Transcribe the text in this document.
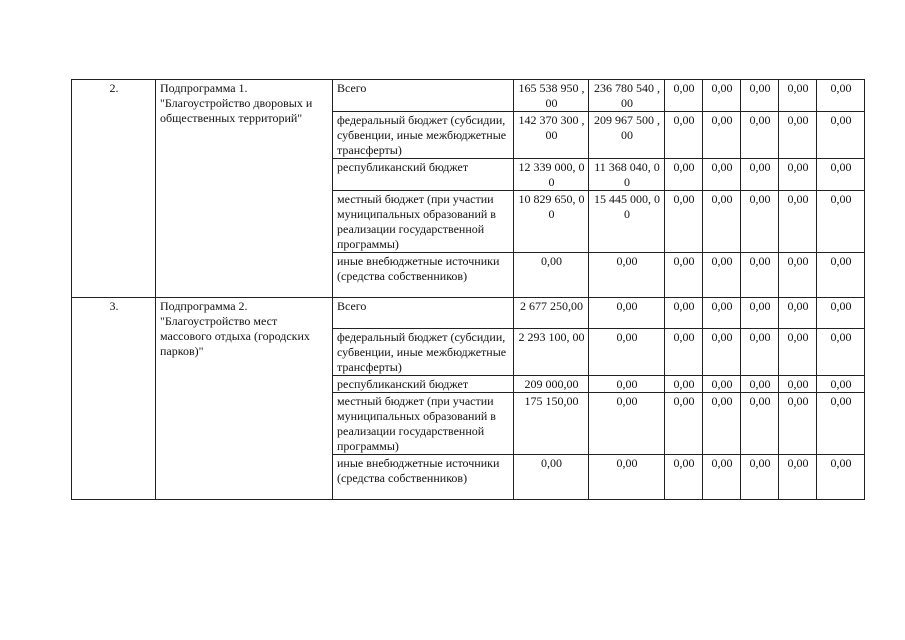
2.	Подпрограмма 1. "Благоустройство дворовых и общественных территорий"	Всего	165 538 950 ,00	236 780 540 ,00	0,00	0,00	0,00	0,00	0,00
		федеральный бюджет (субсидии, субвенции, иные межбюджетные трансферты)	142 370 300 ,00	209 967 500 ,00	0,00	0,00	0,00	0,00	0,00
		республиканский бюджет	12 339 000, 00	11 368 040, 00	0,00	0,00	0,00	0,00	0,00
		местный бюджет (при участии муниципальных образований в реализации государственной программы)	10 829 650, 00	15 445 000, 00	0,00	0,00	0,00	0,00	0,00
		иные внебюджетные источники (средства собственников)	0,00	0,00	0,00	0,00	0,00	0,00	0,00
3.	Подпрограмма 2. "Благоустройство мест массового отдыха (городских парков)"	Всего	2 677 250,00	0,00	0,00	0,00	0,00	0,00	0,00
		федеральный бюджет (субсидии, субвенции, иные межбюджетные трансферты)	2 293 100, 00	0,00	0,00	0,00	0,00	0,00	0,00
		республиканский бюджет	209 000,00	0,00	0,00	0,00	0,00	0,00	0,00
		местный бюджет (при участии муниципальных образований в реализации государственной программы)	175 150,00	0,00	0,00	0,00	0,00	0,00	0,00
		иные внебюджетные источники (средства собственников)	0,00	0,00	0,00	0,00	0,00	0,00	0,00
